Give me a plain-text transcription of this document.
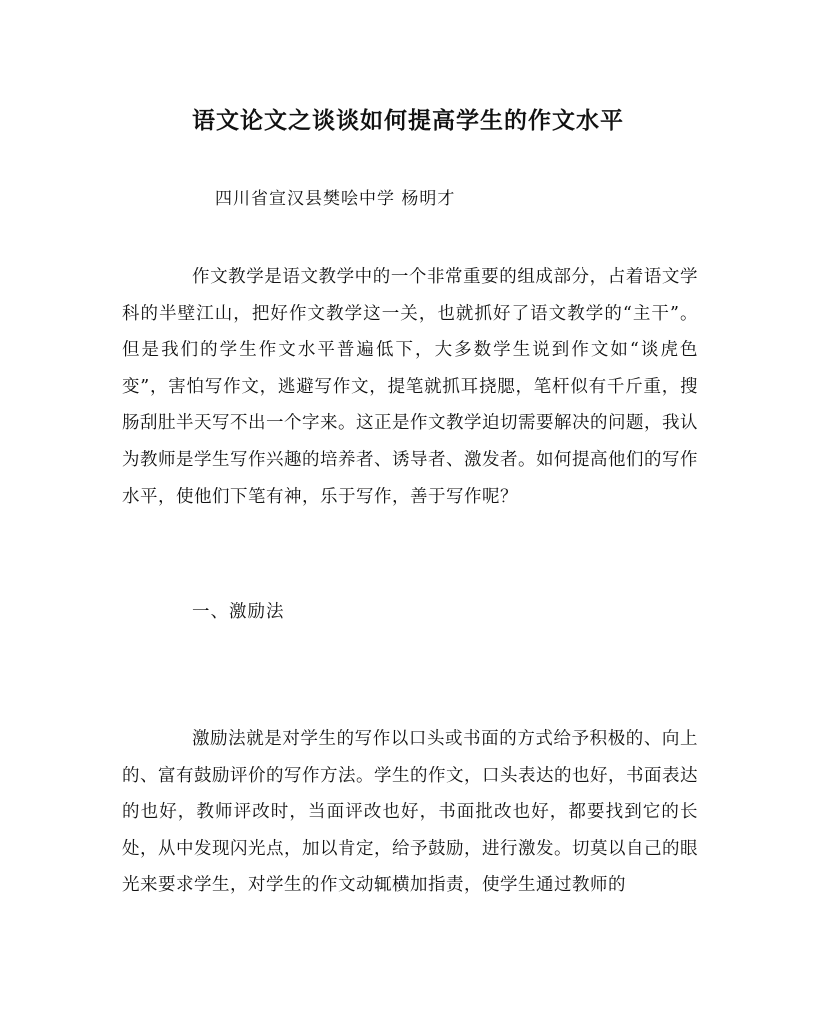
语文论文之谈谈如何提高学生的作文水平
四川省宣汉县樊哙中学 杨明才

作文教学是语文教学中的一个非常重要的组成部分，占着语文学科的半壁江山，把好作文教学这一关，也就抓好了语文教学的“主干”。但是我们的学生作文水平普遍低下，大多数学生说到作文如“谈虎色变”，害怕写作文，逃避写作文，提笔就抓耳挠腮，笔杆似有千斤重，搜肠刮肚半天写不出一个字来。这正是作文教学迫切需要解决的问题，我认为教师是学生写作兴趣的培养者、诱导者、激发者。如何提高他们的写作水平，使他们下笔有神，乐于写作，善于写作呢？

一、激励法

激励法就是对学生的写作以口头或书面的方式给予积极的、向上的、富有鼓励评价的写作方法。学生的作文，口头表达的也好，书面表达的也好，教师评改时，当面评改也好，书面批改也好，都要找到它的长处，从中发现闪光点，加以肯定，给予鼓励，进行激发。切莫以自己的眼光来要求学生，对学生的作文动辄横加指责，使学生通过教师的
